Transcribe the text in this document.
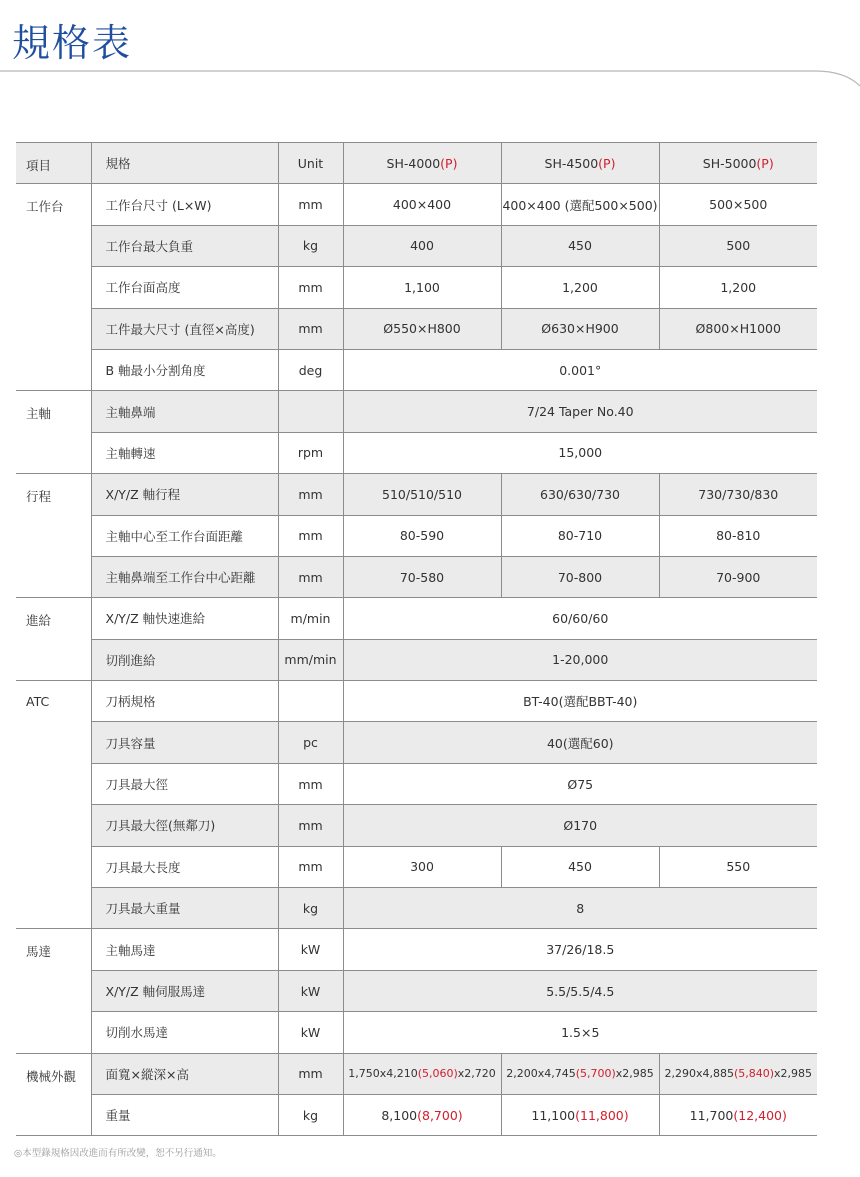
規格表
項目	規格	Unit	SH-4000(P)	SH-4500(P)	SH-5000(P)
工作台	工作台尺寸 (L×W)	mm	400×400	400×400 (選配500×500)	500×500
	工作台最大負重	kg	400	450	500
	工作台面高度	mm	1,100	1,200	1,200
	工件最大尺寸 (直徑×高度)	mm	Ø550×H800	Ø630×H900	Ø800×H1000
	B 軸最小分割角度	deg	0.001°		
主軸	主軸鼻端		7/24 Taper No.40		
	主軸轉速	rpm	15,000		
行程	X/Y/Z 軸行程	mm	510/510/510	630/630/730	730/730/830
	主軸中心至工作台面距離	mm	80-590	80-710	80-810
	主軸鼻端至工作台中心距離	mm	70-580	70-800	70-900
進給	X/Y/Z 軸快速進給	m/min	60/60/60		
	切削進給	mm/min	1-20,000		
ATC	刀柄規格		BT-40(選配BBT-40)		
	刀具容量	pc	40(選配60)		
	刀具最大徑	mm	Ø75		
	刀具最大徑(無鄰刀)	mm	Ø170		
	刀具最大長度	mm	300	450	550
	刀具最大重量	kg	8		
馬達	主軸馬達	kW	37/26/18.5		
	X/Y/Z 軸伺服馬達	kW	5.5/5.5/4.5		
	切削水馬達	kW	1.5×5		
機械外觀	面寬×縱深×高	mm	1,750x4,210(5,060)x2,720	2,200x4,745(5,700)x2,985	2,290x4,885(5,840)x2,985
	重量	kg	8,100(8,700)	11,100(11,800)	11,700(12,400)
◎本型錄規格因改進而有所改變，恕不另行通知。
